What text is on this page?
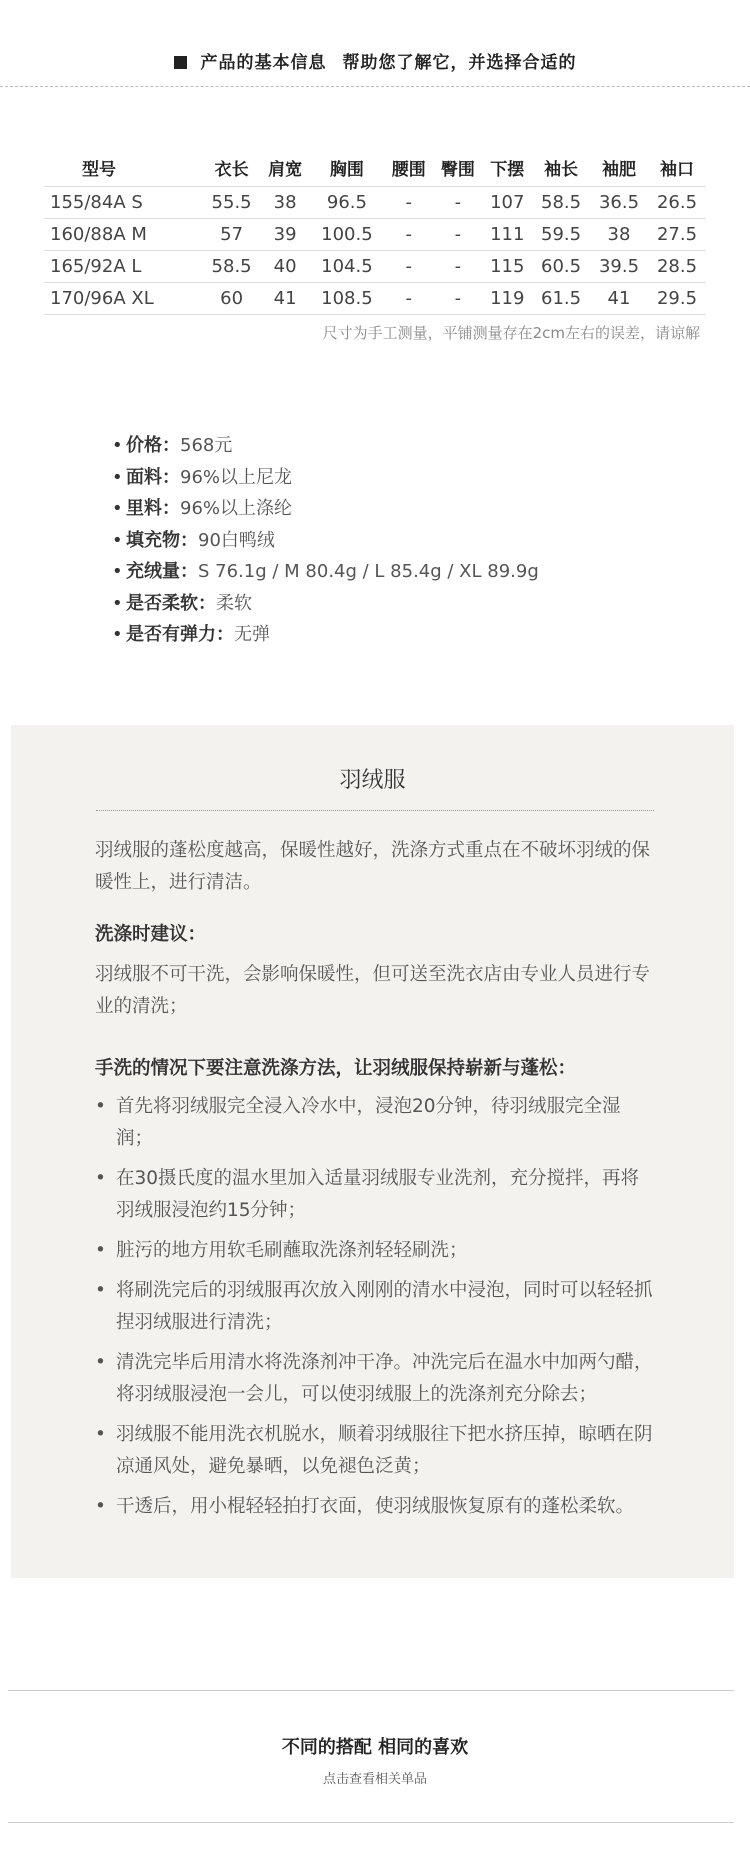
产品的基本信息 帮助您了解它，并选择合适的
型号	衣长	肩宽	胸围	腰围	臀围	下摆	袖长	袖肥	袖口
155/84A S	55.5	38	96.5	-	-	107	58.5	36.5	26.5
160/88A M	57	39	100.5	-	-	111	59.5	38	27.5
165/92A L	58.5	40	104.5	-	-	115	60.5	39.5	28.5
170/96A XL	60	41	108.5	-	-	119	61.5	41	29.5
尺寸为手工测量，平铺测量存在2cm左右的误差，请谅解
• 价格：568元
• 面料：96%以上尼龙
• 里料：96%以上涤纶
• 填充物：90白鸭绒
• 充绒量：S 76.1g / M 80.4g / L 85.4g / XL 89.9g
• 是否柔软：柔软
• 是否有弹力：无弹
羽绒服
羽绒服的蓬松度越高，保暖性越好，洗涤方式重点在不破坏羽绒的保暖性上，进行清洁。
洗涤时建议：
羽绒服不可干洗，会影响保暖性，但可送至洗衣店由专业人员进行专业的清洗；
手洗的情况下要注意洗涤方法，让羽绒服保持崭新与蓬松：
• 首先将羽绒服完全浸入冷水中，浸泡20分钟，待羽绒服完全湿润；
• 在30摄氏度的温水里加入适量羽绒服专业洗剂，充分搅拌，再将羽绒服浸泡约15分钟；
• 脏污的地方用软毛刷蘸取洗涤剂轻轻刷洗；
• 将刷洗完后的羽绒服再次放入刚刚的清水中浸泡，同时可以轻轻抓捏羽绒服进行清洗；
• 清洗完毕后用清水将洗涤剂冲干净。冲洗完后在温水中加两勺醋，将羽绒服浸泡一会儿，可以使羽绒服上的洗涤剂充分除去；
• 羽绒服不能用洗衣机脱水，顺着羽绒服往下把水挤压掉，晾晒在阴凉通风处，避免暴晒，以免褪色泛黄；
• 干透后，用小棍轻轻拍打衣面，使羽绒服恢复原有的蓬松柔软。
不同的搭配 相同的喜欢
点击查看相关单品
